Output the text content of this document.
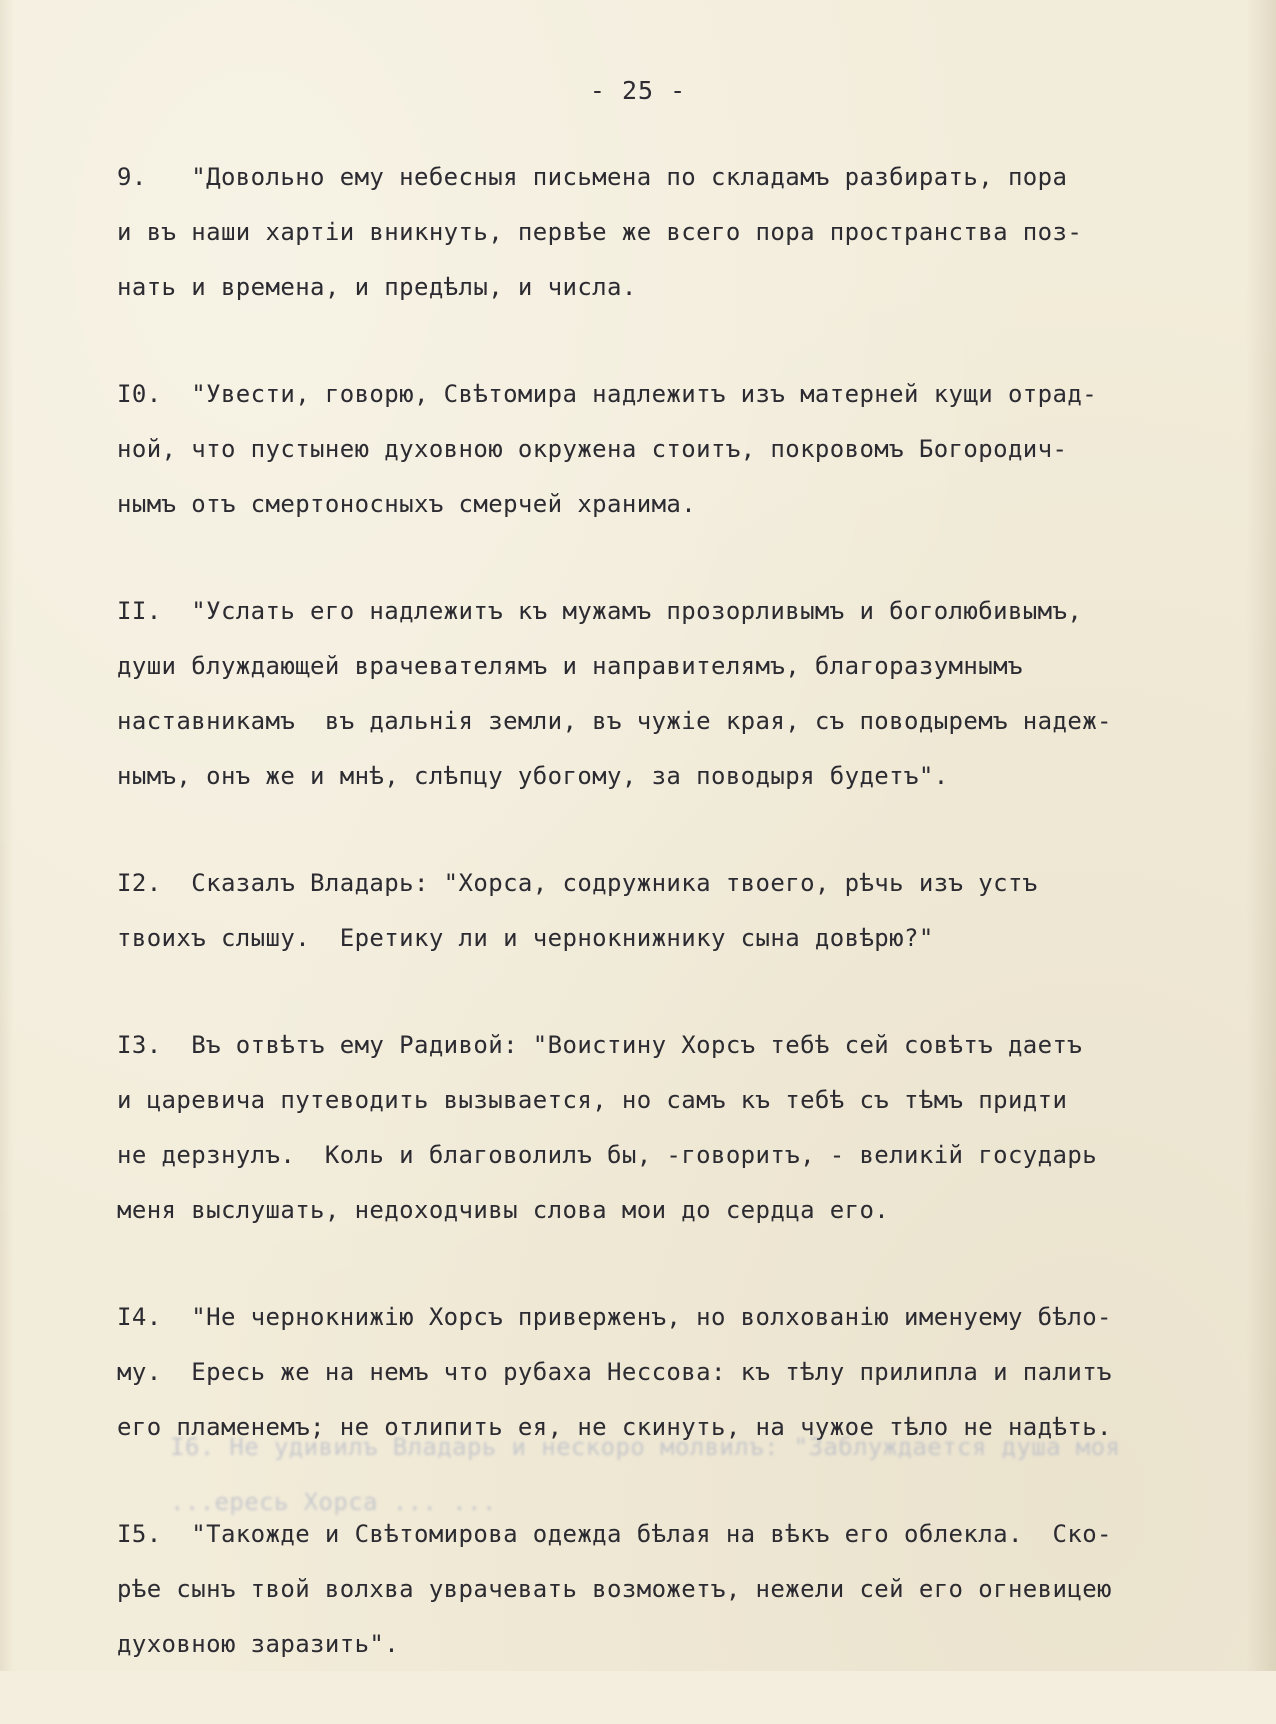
- 25 -
9.   "Довольно ему небесныя письмена по складамъ разбирать, пора
и въ наши хартіи вникнуть, первѣе же всего пора пространства поз-
нать и времена, и предѣлы, и числа.
I0.  "Увести, говорю, Свѣтомира надлежитъ изъ матерней кущи отрад-
ной, что пустынею духовною окружена стоитъ, покровомъ Богородич-
нымъ отъ смертоносныхъ смерчей хранима.
II.  "Услать его надлежитъ къ мужамъ прозорливымъ и боголюбивымъ,
души блуждающей врачевателямъ и направителямъ, благоразумнымъ
наставникамъ  въ дальнія земли, въ чужіе края, съ поводыремъ надеж-
нымъ, онъ же и мнѣ, слѣпцу убогому, за поводыря будетъ".
I2.  Сказалъ Владарь: "Хорса, содружника твоего, рѣчь изъ устъ
твоихъ слышу.  Еретику ли и чернокнижнику сына довѣрю?"
I3.  Въ отвѣтъ ему Радивой: "Воистину Хорсъ тебѣ сей совѣтъ даетъ
и царевича путеводить вызывается, но самъ къ тебѣ съ тѣмъ придти
не дерзнулъ.  Коль и благоволилъ бы, -говоритъ, - великій государь
меня выслушать, недоходчивы слова мои до сердца его.
I4.  "Не чернокнижію Хорсъ приверженъ, но волхованію именуему бѣло-
му.  Ересь же на немъ что рубаха Нессова: къ тѣлу прилипла и палитъ
его пламенемъ; не отлипить ея, не скинуть, на чужое тѣло не надѣть.
I5.  "Такожде и Свѣтомирова одежда бѣлая на вѣкъ его облекла.  Ско-
рѣе сынъ твой волхва уврачевать возможетъ, нежели сей его огневицею
духовною заразить".
I6. Не удивилъ Владарь и нескоро молвилъ: "Заблуждается душа моя
...ересь Хорса ... ...
